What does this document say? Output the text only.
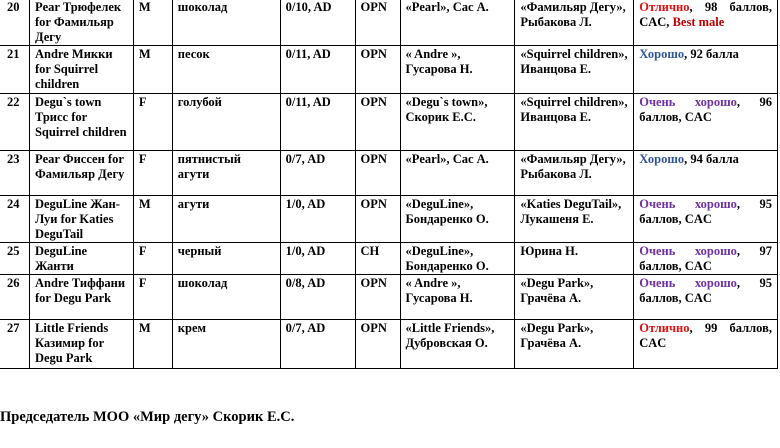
20	Pear Трюфелек for Фамильяр Дегу	M	шоколад	0/10, AD	OPN	«Pearl», Сас А.	«Фамильяр Дегу», Рыбакова Л.	Отлично, 98 баллов, CAC, Best male
21	Andre Микки for Squirrel children	M	песок	0/11, AD	OPN	« Andre », Гусарова Н.	«Squirrel children», Иванцова Е.	Хорошо, 92 балла
22	Degu`s town Трисс for Squirrel children	F	голубой	0/11, AD	OPN	«Degu`s town», Скорик Е.С.	«Squirrel children», Иванцова Е.	Очень хорошо, 96 баллов, CAC
23	Pear Фиссен for Фамильяр Дегу	F	пятнистый агути	0/7, AD	OPN	«Pearl», Сас А.	«Фамильяр Дегу», Рыбакова Л.	Хорошо, 94 балла
24	DeguLine Жан-Луи for Katies DeguTail	M	агути	1/0, AD	OPN	«DeguLine», Бондаренко О.	«Katies DeguTail», Лукашеня Е.	Очень хорошо, 95 баллов, CAC
25	DeguLine Жанти	F	черный	1/0, AD	CH	«DeguLine», Бондаренко О.	Юрина Н.	Очень хорошо, 97 баллов, CAC
26	Andre Тиффани for Degu Park	F	шоколад	0/8, AD	OPN	« Andre », Гусарова Н.	«Degu Park», Грачёва А.	Очень хорошо, 95 баллов, CAC
27	Little Friends Казимир for Degu Park	M	крем	0/7, AD	OPN	«Little Friends», Дубровская О.	«Degu Park», Грачёва А.	Отлично, 99 баллов, CAC
Председатель МОО «Мир дегу» Скорик Е.С.
